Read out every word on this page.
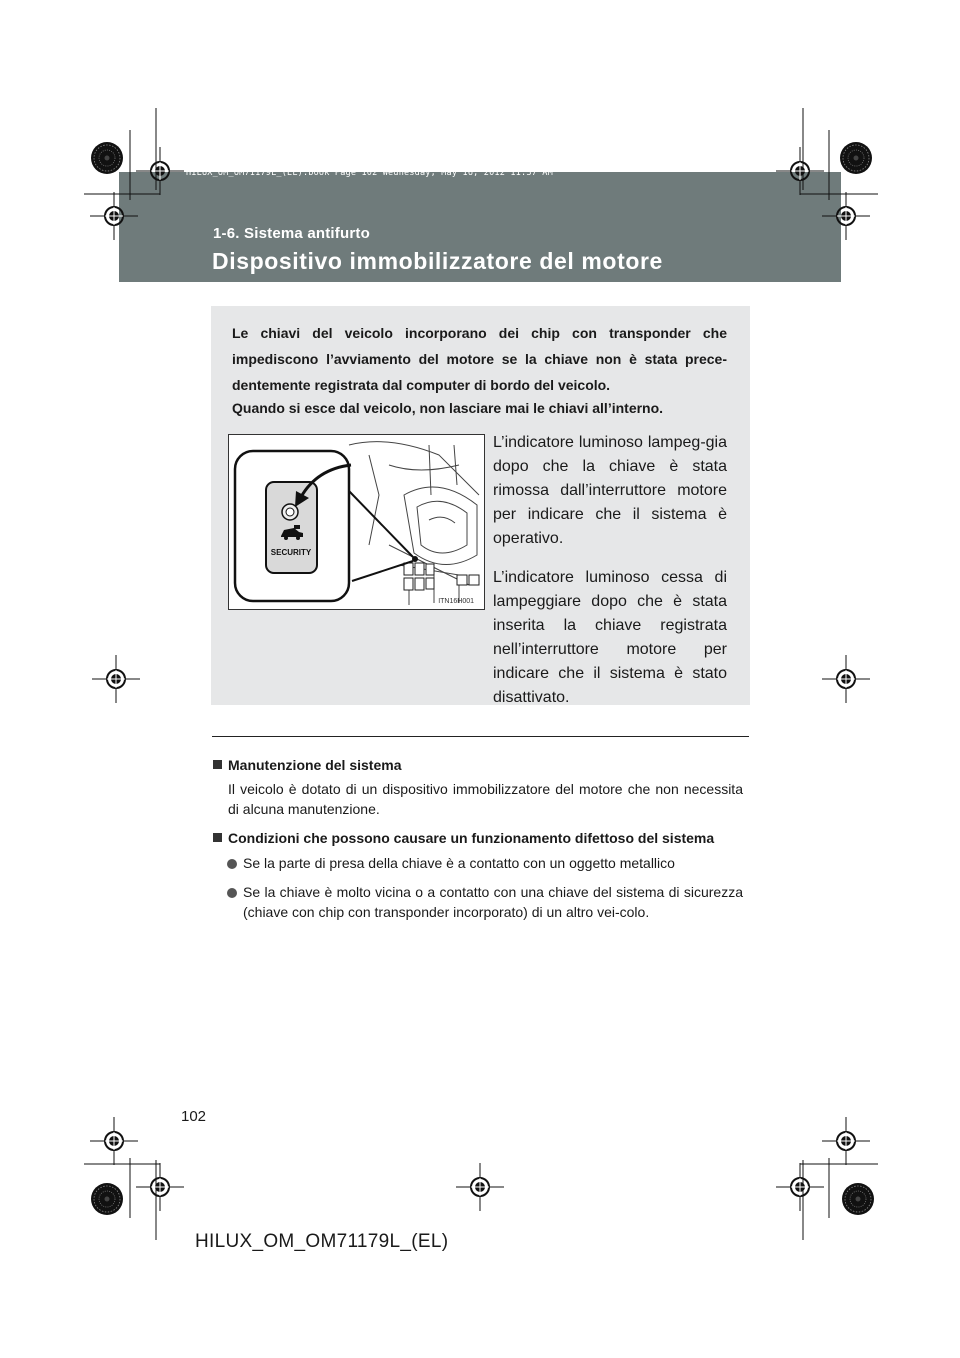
HILUX_OM_OM71179L_(EL).book Page 102 Wednesday, May 16, 2012 11:37 AM
1-6. Sistema antifurto
Dispositivo immobilizzatore del motore
Le chiavi del veicolo incorporano dei chip con transponder che impediscono l’avviamento del motore se la chiave non è stata prece-dentemente registrata dal computer di bordo del veicolo.
Quando si esce dal veicolo, non lasciare mai le chiavi all’interno.
SECURITY
ITN16H001

L’indicatore luminoso lampeg-gia dopo che la chiave è stata rimossa dall’interruttore motore per indicare che il sistema è operativo.

L’indicatore luminoso cessa di lampeggiare dopo che è stata inserita la chiave registrata nell’interruttore motore per indicare che il sistema è stato disattivato.

Manutenzione del sistema
Il veicolo è dotato di un dispositivo immobilizzatore del motore che non necessita di alcuna manutenzione.
Condizioni che possono causare un funzionamento difettoso del sistema
Se la parte di presa della chiave è a contatto con un oggetto metallico
Se la chiave è molto vicina o a contatto con una chiave del sistema di sicurezza (chiave con chip con transponder incorporato) di un altro vei-colo.
102
HILUX_OM_OM71179L_(EL)
